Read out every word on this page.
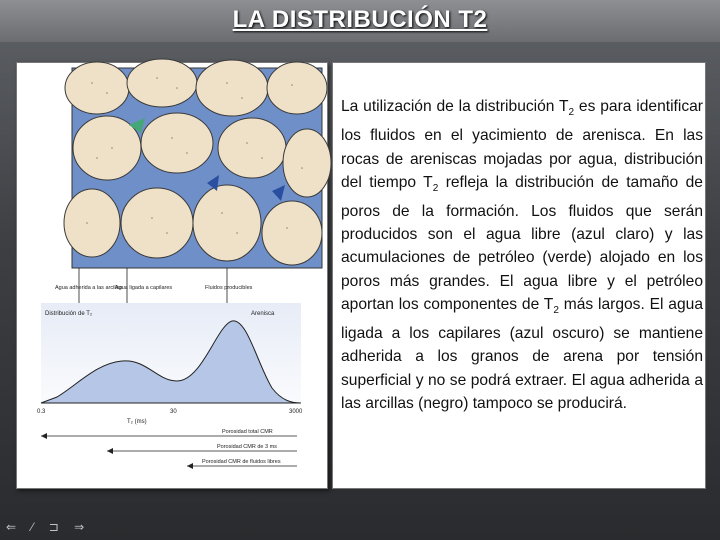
LA DISTRIBUCIÓN T2
Agua adherida a las arcillas
Agua ligada a capilares	Fluidos producibles
Distribución de T₂	Arenisca
0.3	30	3000
T₂ (ms)
Porosidad total CMR
Porosidad CMR de 3 ms
Porosidad CMR de fluidos libres

La utilización de la distribución $T_2$ es para identificar los fluidos en el yacimiento de arenisca. En las rocas de areniscas mojadas por agua, distribución del tiempo $T_2$ refleja la distribución de tamaño de poros de la formación. Los fluidos que serán producidos son el agua libre (azul claro) y las acumulaciones de petróleo (verde) alojado en los poros más grandes. El agua libre y el petróleo aportan los componentes de $T_2$ más largos. El agua ligada a los capilares (azul oscuro) se mantiene adherida a los granos de arena por tensión superficial y no se podrá extraer. El agua adherida a las arcillas (negro) tampoco se producirá.

⇐ ⁄ ⊐ ⇒
